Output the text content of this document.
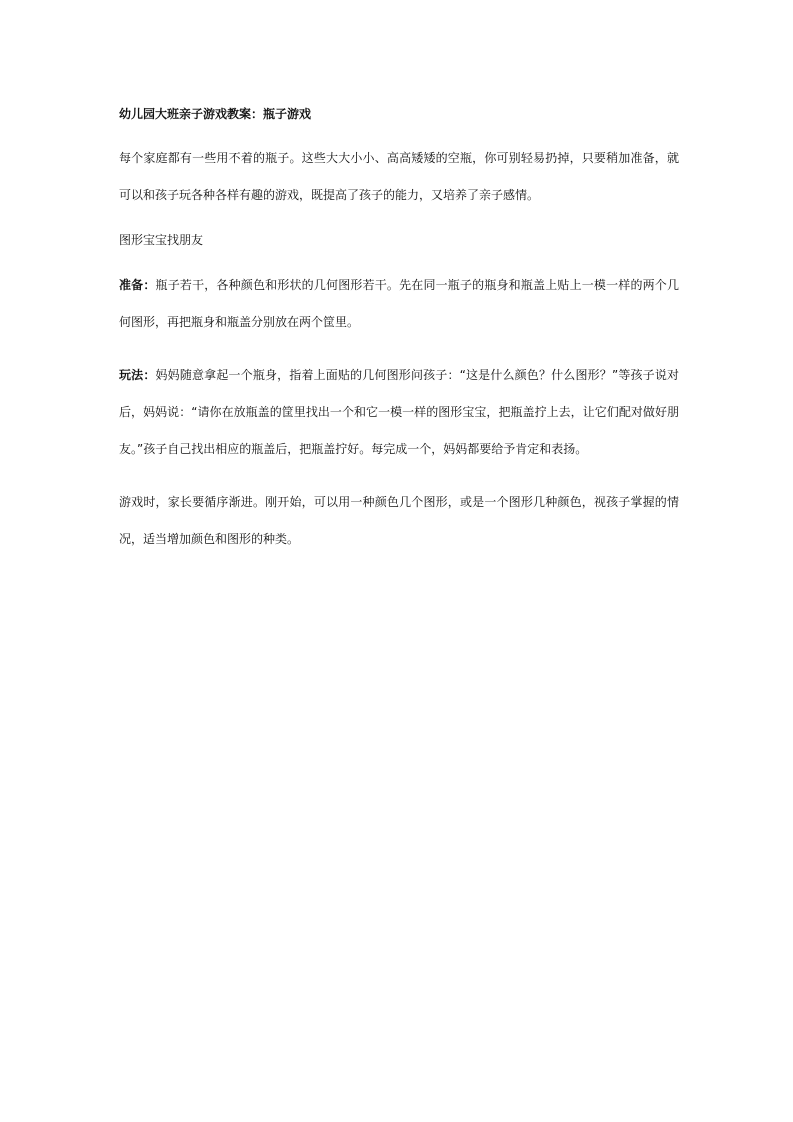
幼儿园大班亲子游戏教案：瓶子游戏

每个家庭都有一些用不着的瓶子。这些大大小小、高高矮矮的空瓶，你可别轻易扔掉，只要稍加准备，就可以和孩子玩各种各样有趣的游戏，既提高了孩子的能力，又培养了亲子感情。

图形宝宝找朋友

准备：瓶子若干，各种颜色和形状的几何图形若干。先在同一瓶子的瓶身和瓶盖上贴上一模一样的两个几何图形，再把瓶身和瓶盖分别放在两个筐里。

玩法：妈妈随意拿起一个瓶身，指着上面贴的几何图形问孩子：“这是什么颜色？什么图形？”等孩子说对后，妈妈说：“请你在放瓶盖的筐里找出一个和它一模一样的图形宝宝，把瓶盖拧上去，让它们配对做好朋友。”孩子自己找出相应的瓶盖后，把瓶盖拧好。每完成一个，妈妈都要给予肯定和表扬。

游戏时，家长要循序渐进。刚开始，可以用一种颜色几个图形，或是一个图形几种颜色，视孩子掌握的情况，适当增加颜色和图形的种类。
